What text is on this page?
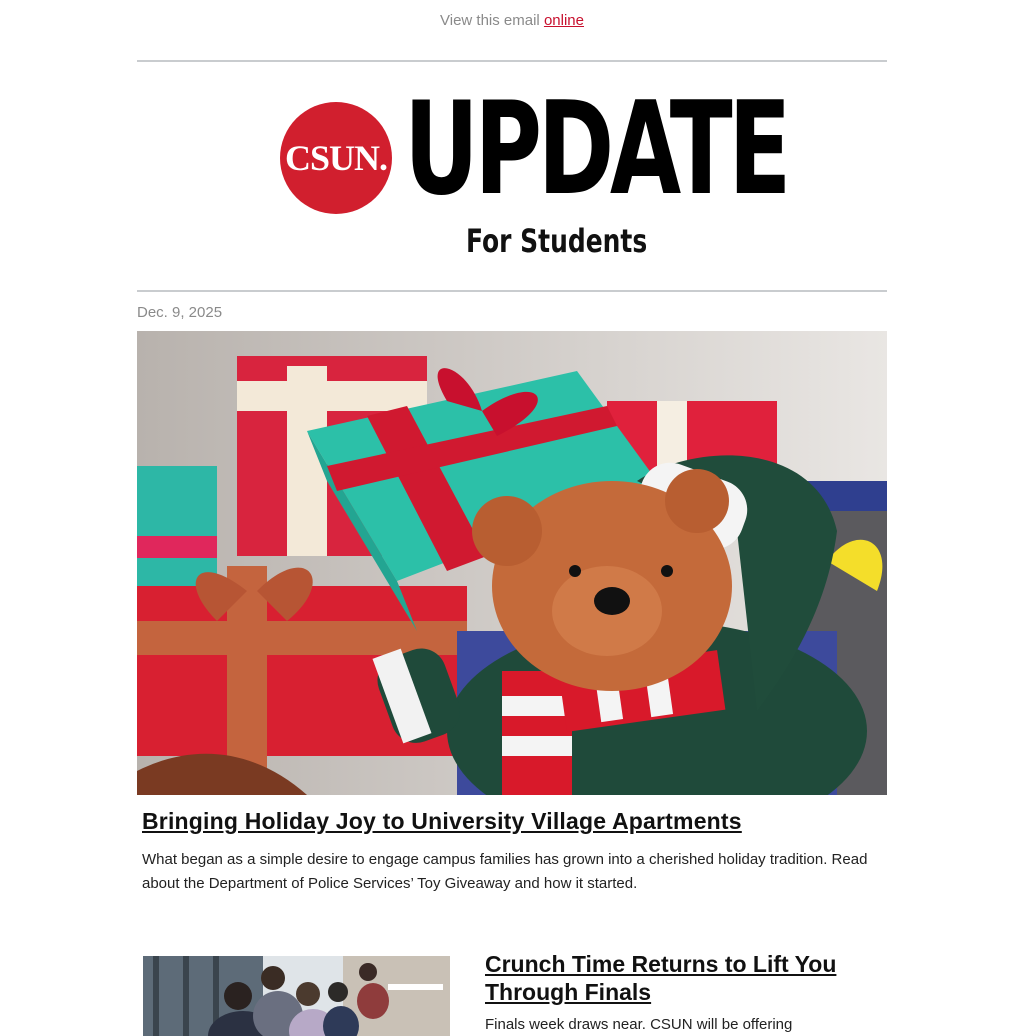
View this email online
CSUN. UPDATE
For Students
Dec. 9, 2025
Bringing Holiday Joy to University Village Apartments
What began as a simple desire to engage campus families has grown into a cherished holiday tradition. Read about the Department of Police Services’ Toy Giveaway and how it started.
Crunch Time Returns to Lift You Through Finals
Finals week draws near. CSUN will be offering
